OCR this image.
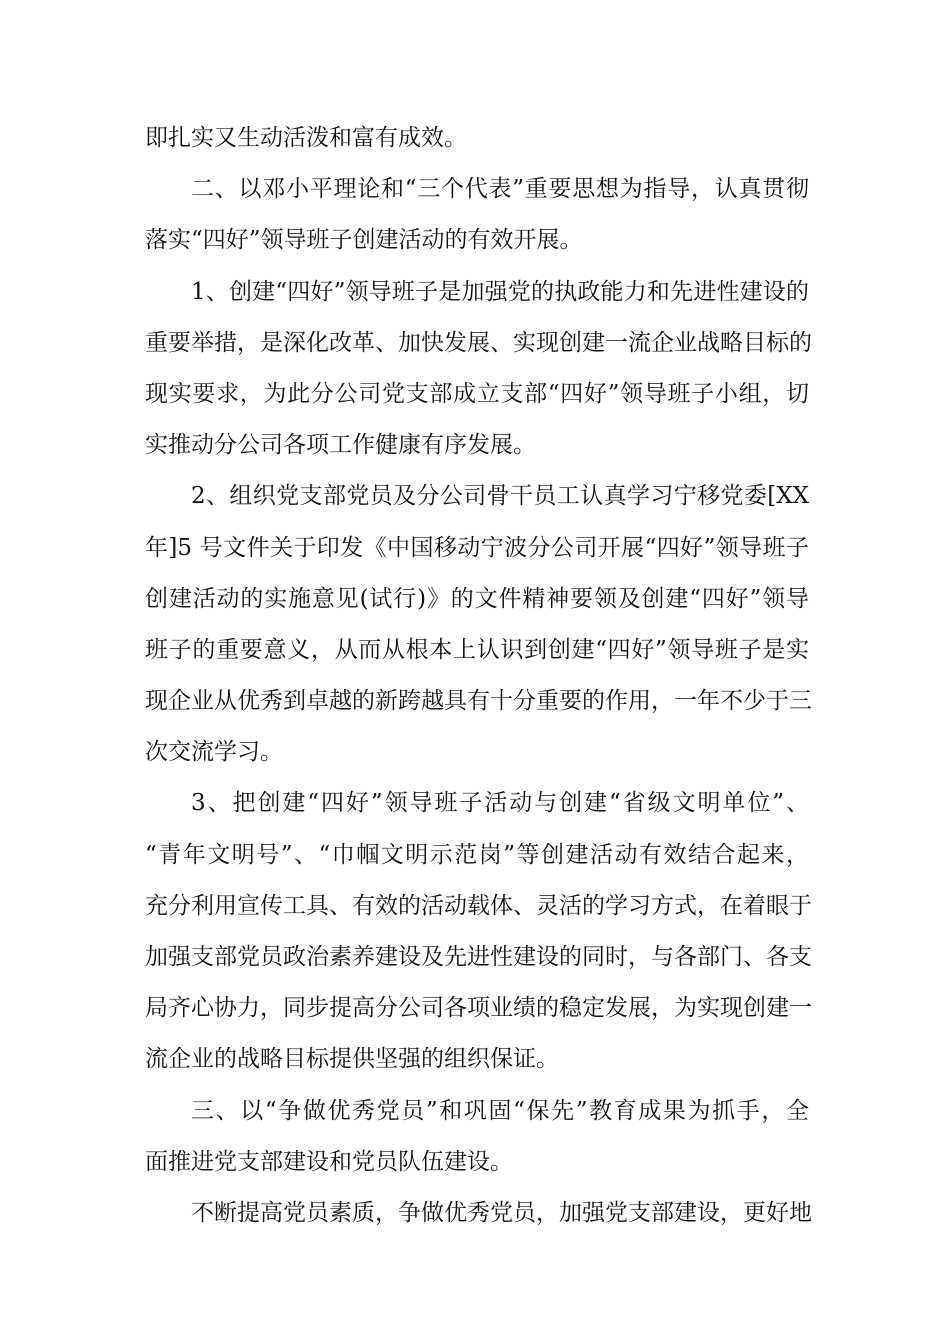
即扎实又生动活泼和富有成效。
二、以邓小平理论和“三个代表”重要思想为指导，认真贯彻
落实“四好”领导班子创建活动的有效开展。
1、创建“四好”领导班子是加强党的执政能力和先进性建设的
重要举措，是深化改革、加快发展、实现创建一流企业战略目标的
现实要求，为此分公司党支部成立支部“四好”领导班子小组，切
实推动分公司各项工作健康有序发展。
2、组织党支部党员及分公司骨干员工认真学习宁移党委[XX
年]5 号文件关于印发《中国移动宁波分公司开展“四好”领导班子
创建活动的实施意见(试行)》的文件精神要领及创建“四好”领导
班子的重要意义，从而从根本上认识到创建“四好”领导班子是实
现企业从优秀到卓越的新跨越具有十分重要的作用，一年不少于三
次交流学习。
3、把创建“四好”领导班子活动与创建“省级文明单位”、
“青年文明号”、“巾帼文明示范岗”等创建活动有效结合起来，
充分利用宣传工具、有效的活动载体、灵活的学习方式，在着眼于
加强支部党员政治素养建设及先进性建设的同时，与各部门、各支
局齐心协力，同步提高分公司各项业绩的稳定发展，为实现创建一
流企业的战略目标提供坚强的组织保证。
三、以“争做优秀党员”和巩固“保先”教育成果为抓手，全
面推进党支部建设和党员队伍建设。
不断提高党员素质，争做优秀党员，加强党支部建设，更好地
